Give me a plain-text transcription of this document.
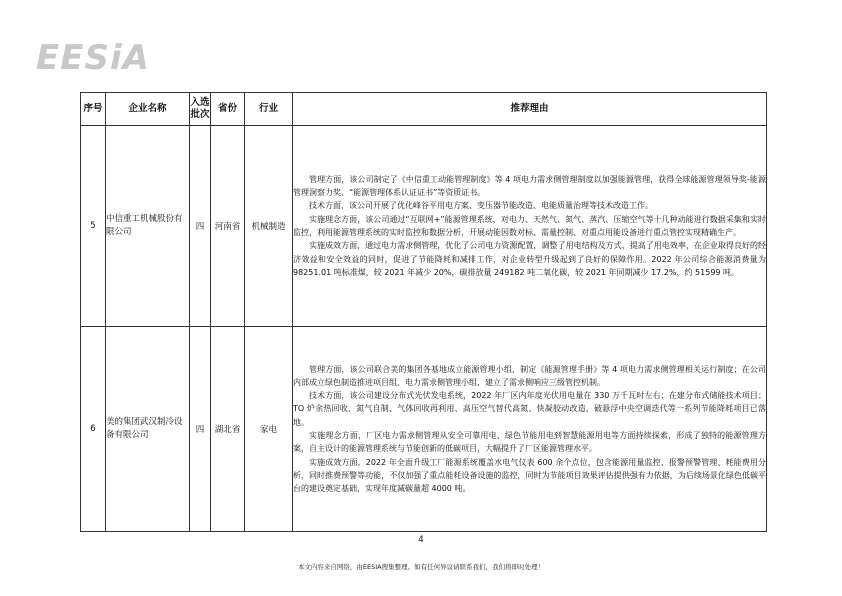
EESiA
序号	企业名称	入选批次	省份	行业	推荐理由
5	中信重工机械股份有限公司	四	河南省	机械制造	管理方面，该公司制定了《中信重工动能管理制度》等 4 项电力需求侧管理制度以加强能源管理，获得全球能源管理领导奖-能源管理洞察力奖、“能源管理体系认证证书”等资质证书。

技术方面，该公司开展了优化峰谷平用电方案、变压器节能改造、电能质量治理等技术改造工作。

实施理念方面，该公司通过“互联网+”能源管理系统，对电力、天然气、氮气、蒸汽、压缩空气等十几种动能进行数据采集和实时监控，利用能源管理系统的实时监控和数据分析，开展动能因数对标、需量控制、对重点用能设备进行重点管控实现精确生产。

实施成效方面，通过电力需求侧管理，优化了公司电力资源配置，调整了用电结构及方式，提高了用电效率，在企业取得良好的经济效益和安全效益的同时，促进了节能降耗和减排工作，对企业转型升级起到了良好的保障作用。2022 年公司综合能源消费量为 98251.01 吨标准煤，较 2021 年减少 20%，碳排放量 249182 吨二氧化碳，较 2021 年同期减少 17.2%，约 51599 吨。

6	美的集团武汉制冷设备有限公司	四	湖北省	家电	管理方面，该公司联合美的集团各基地成立能源管理小组，制定《能源管理手册》等 4 项电力需求侧管理相关运行制度；在公司内部成立绿色制造推进项目组、电力需求侧管理小组，建立了需求侧响应三级管控机制。

技术方面，该公司建设分布式光伏发电系统，2022 年厂区内年度光伏用电量在 330 万千瓦时左右；在建分布式储能技术项目；TO 炉余热回收、氮气自制、气体回收再利用、高压空气替代高氮、快凝胶动改造、破悬浮中央空调迭代等一系列节能降耗项目已落地。

实施理念方面，厂区电力需求侧管理从安全可靠用电、绿色节能用电到智慧能源用电等方面持续探索，形成了独特的能源管理方案，自主设计的能源管理系统与节能创新的低碳项目，大幅提升了厂区能源管理水平。

实施成效方面，2022 年全面升级工厂能源系统覆盖水电气仪表 600 余个点位，包含能源用量监控、报警预警管理、耗能费用分析，同时推费预警等功能，不仅加强了重点能耗设备设施的监控，同时为节能项目效果评估提供强有力依据，为后续场景化绿色低碳平台的建设奠定基础，实现年度减碳量超 4000 吨。

4
本文内容来自网络，由EESIA搜集整理。如有任何异议请联系我们，我们将即时处理！
